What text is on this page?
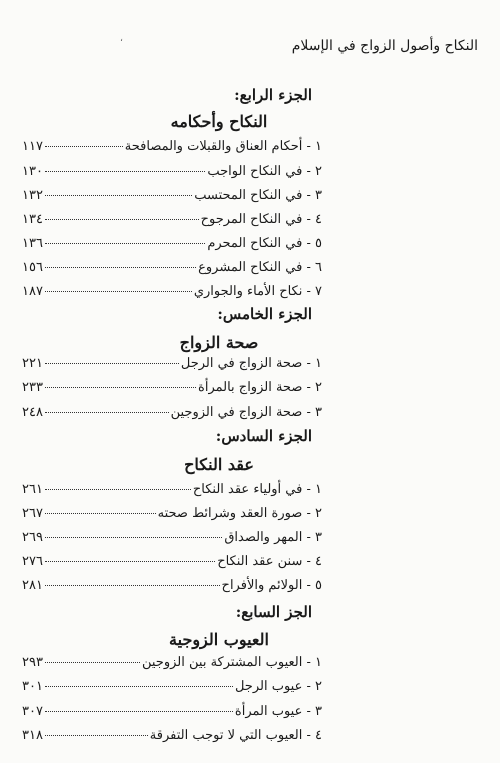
النكاح وأصول الزواج في الإسلام
،
الجزء الرابع:
النكاح وأحكامه
١ - أحكام العناق والقبلات والمصافحة
١١٧
٢ - في النكاح الواجب
١٣٠
٣ - في النكاح المحتسب
١٣٢
٤ - في النكاح المرجوح
١٣٤
٥ - في النكاح المحرم
١٣٦
٦ - في النكاح المشروع
١٥٦
٧ - نكاح الأماء والجواري
١٨٧
الجزء الخامس:
صحة الزواج
١ - صحة الزواج في الرجل
٢٢١
٢ - صحة الزواج بالمرأة
٢٣٣
٣ - صحة الزواج في الزوجين
٢٤٨
الجزء السادس:
عقد النكاح
١ - في أولياء عقد النكاح
٢٦١
٢ - صورة العقد وشرائط صحته
٢٦٧
٣ - المهر والصداق
٢٦٩
٤ - سنن عقد النكاح
٢٧٦
٥ - الولائم والأفراح
٢٨١
الجز السابع:
العيوب الزوجية
١ - العيوب المشتركة بين الزوجين
٢٩٣
٢ - عيوب الرجل
٣٠١
٣ - عيوب المرأة
٣٠٧
٤ - العيوب التي لا توجب التفرقة
٣١٨
